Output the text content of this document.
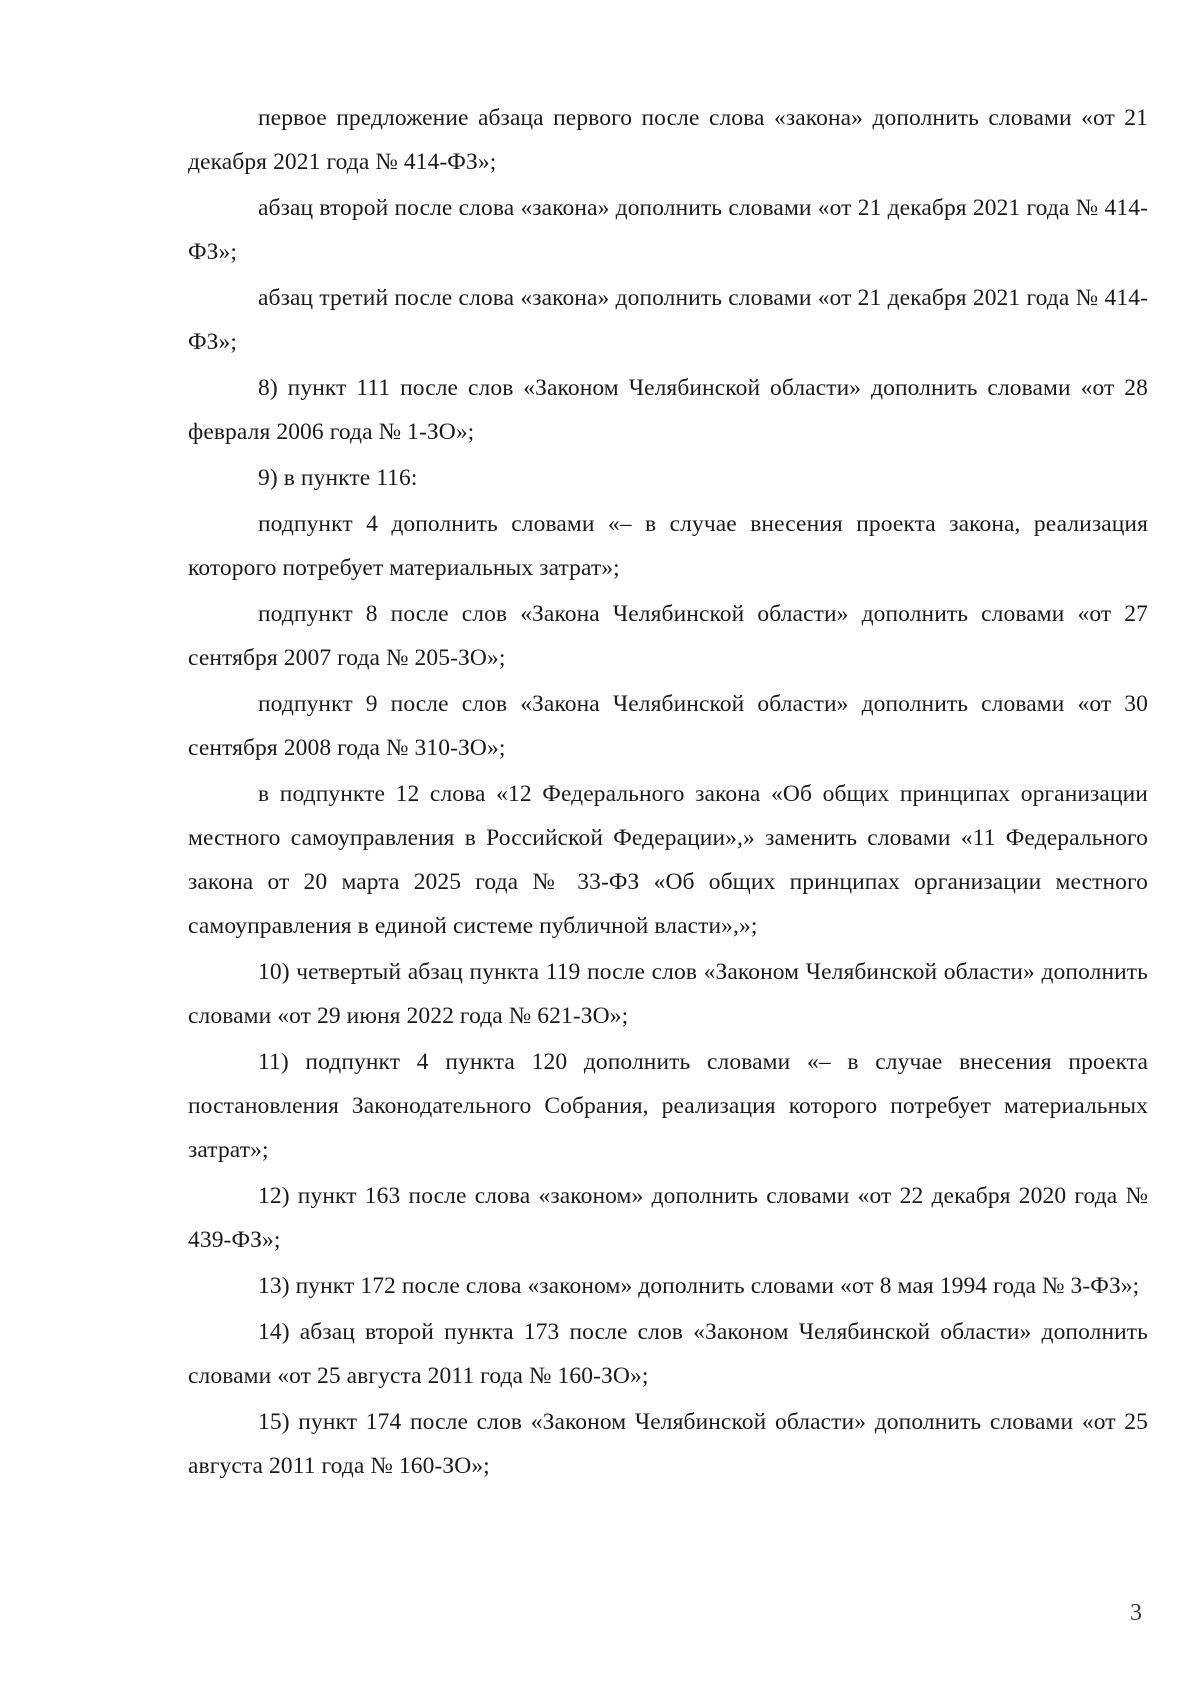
первое предложение абзаца первого после слова «закона» дополнить словами «от 21 декабря 2021 года № 414-ФЗ»;

абзац второй после слова «закона» дополнить словами «от 21 декабря 2021 года № 414-ФЗ»;

абзац третий после слова «закона» дополнить словами «от 21 декабря 2021 года № 414-ФЗ»;

8) пункт 111 после слов «Законом Челябинской области» дополнить словами «от 28 февраля 2006 года № 1-ЗО»;

9) в пункте 116:

подпункт 4 дополнить словами «– в случае внесения проекта закона, реализация которого потребует материальных затрат»;

подпункт 8 после слов «Закона Челябинской области» дополнить словами «от 27 сентября 2007 года № 205-ЗО»;

подпункт 9 после слов «Закона Челябинской области» дополнить словами «от 30 сентября 2008 года № 310-ЗО»;

в подпункте 12 слова «12 Федерального закона «Об общих принципах организации местного самоуправления в Российской Федерации»,» заменить словами «11 Федерального закона от 20 марта 2025 года № 33-ФЗ «Об общих принципах организации местного самоуправления в единой системе публичной власти»,»;

10) четвертый абзац пункта 119 после слов «Законом Челябинской области» дополнить словами «от 29 июня 2022 года № 621-ЗО»;

11) подпункт 4 пункта 120 дополнить словами «– в случае внесения проекта постановления Законодательного Собрания, реализация которого потребует материальных затрат»;

12) пункт 163 после слова «законом» дополнить словами «от 22 декабря 2020 года № 439-ФЗ»;

13) пункт 172 после слова «законом» дополнить словами «от 8 мая 1994 года № 3-ФЗ»;

14) абзац второй пункта 173 после слов «Законом Челябинской области» дополнить словами «от 25 августа 2011 года № 160-ЗО»;

15) пункт 174 после слов «Законом Челябинской области» дополнить словами «от 25 августа 2011 года № 160-ЗО»;

3
